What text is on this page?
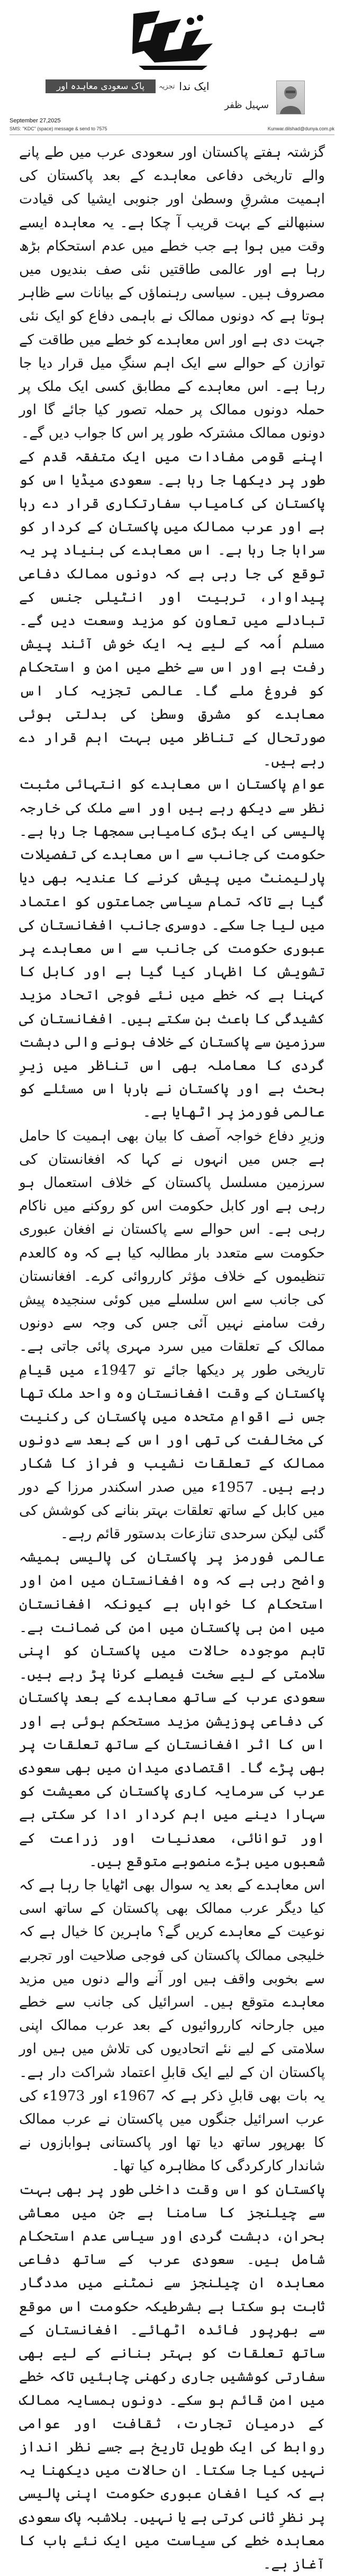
ایک ندا
تجزیہ
سہیل ظفر
پاک سعودی معاہدہ اور افغانستان
September 27,2025
SMS: "KDC" (space) message & send to 7575	Kunwar.dilshad@dunya.com.pk

گزشتہ ہفتے پاکستان اور سعودی عرب میں طے پانے والے تاریخی دفاعی معاہدے کے بعد پاکستان کی اہمیت مشرقِ وسطیٰ اور جنوبی ایشیا کی قیادت سنبھالنے کے بہت قریب آ چکا ہے۔ یہ معاہدہ ایسے وقت میں ہوا ہے جب خطے میں عدم استحکام بڑھ رہا ہے اور عالمی طاقتیں نئی صف بندیوں میں مصروف ہیں۔ سیاسی رہنماؤں کے بیانات سے ظاہر ہوتا ہے کہ دونوں ممالک نے باہمی دفاع کو ایک نئی جہت دی ہے اور اس معاہدے کو خطے میں طاقت کے توازن کے حوالے سے ایک اہم سنگِ میل قرار دیا جا رہا ہے۔ اس معاہدے کے مطابق کسی ایک ملک پر حملہ دونوں ممالک پر حملہ تصور کیا جائے گا اور دونوں ممالک مشترکہ طور پر اس کا جواب دیں گے۔

اپنے قومی مفادات میں ایک متفقہ قدم کے طور پر دیکھا جا رہا ہے۔ سعودی میڈیا اس کو پاکستان کی کامیاب سفارتکاری قرار دے رہا ہے اور عرب ممالک میں پاکستان کے کردار کو سراہا جا رہا ہے۔ اس معاہدے کی بنیاد پر یہ توقع کی جا رہی ہے کہ دونوں ممالک دفاعی پیداوار، تربیت اور انٹیلی جنس کے تبادلے میں تعاون کو مزید وسعت دیں گے۔ مسلم اُمہ کے لیے یہ ایک خوش آئند پیش رفت ہے اور اس سے خطے میں امن و استحکام کو فروغ ملے گا۔ عالمی تجزیہ کار اس معاہدے کو مشرقِ وسطیٰ کی بدلتی ہوئی صورتحال کے تناظر میں بہت اہم قرار دے رہے ہیں۔

عوامِ پاکستان اس معاہدے کو انتہائی مثبت نظر سے دیکھ رہے ہیں اور اسے ملک کی خارجہ پالیسی کی ایک بڑی کامیابی سمجھا جا رہا ہے۔ حکومت کی جانب سے اس معاہدے کی تفصیلات پارلیمنٹ میں پیش کرنے کا عندیہ بھی دیا گیا ہے تاکہ تمام سیاسی جماعتوں کو اعتماد میں لیا جا سکے۔ دوسری جانب افغانستان کی عبوری حکومت کی جانب سے اس معاہدے پر تشویش کا اظہار کیا گیا ہے اور کابل کا کہنا ہے کہ خطے میں نئے فوجی اتحاد مزید کشیدگی کا باعث بن سکتے ہیں۔ افغانستان کی سرزمین سے پاکستان کے خلاف ہونے والی دہشت گردی کا معاملہ بھی اس تناظر میں زیرِ بحث ہے اور پاکستان نے بارہا اس مسئلے کو عالمی فورمز پر اٹھایا ہے۔

وزیرِ دفاع خواجہ آصف کا بیان بھی اہمیت کا حامل ہے جس میں انہوں نے کہا کہ افغانستان کی سرزمین مسلسل پاکستان کے خلاف استعمال ہو رہی ہے اور کابل حکومت اس کو روکنے میں ناکام رہی ہے۔ اس حوالے سے پاکستان نے افغان عبوری حکومت سے متعدد بار مطالبہ کیا ہے کہ وہ کالعدم تنظیموں کے خلاف مؤثر کارروائی کرے۔ افغانستان کی جانب سے اس سلسلے میں کوئی سنجیدہ پیش رفت سامنے نہیں آئی جس کی وجہ سے دونوں ممالک کے تعلقات میں سرد مہری پائی جاتی ہے۔ تاریخی طور پر دیکھا جائے تو 1947ء میں قیامِ پاکستان کے وقت افغانستان وہ واحد ملک تھا جس نے اقوامِ متحدہ میں پاکستان کی رکنیت کی مخالفت کی تھی اور اس کے بعد سے دونوں ممالک کے تعلقات نشیب و فراز کا شکار رہے ہیں۔ 1957ء میں صدر اسکندر مرزا کے دور میں کابل کے ساتھ تعلقات بہتر بنانے کی کوشش کی گئی لیکن سرحدی تنازعات بدستور قائم رہے۔

عالمی فورمز پر پاکستان کی پالیسی ہمیشہ واضح رہی ہے کہ وہ افغانستان میں امن اور استحکام کا خواہاں ہے کیونکہ افغانستان میں امن ہی پاکستان میں امن کی ضمانت ہے۔ تاہم موجودہ حالات میں پاکستان کو اپنی سلامتی کے لیے سخت فیصلے کرنا پڑ رہے ہیں۔ سعودی عرب کے ساتھ معاہدے کے بعد پاکستان کی دفاعی پوزیشن مزید مستحکم ہوئی ہے اور اس کا اثر افغانستان کے ساتھ تعلقات پر بھی پڑے گا۔ اقتصادی میدان میں بھی سعودی عرب کی سرمایہ کاری پاکستان کی معیشت کو سہارا دینے میں اہم کردار ادا کر سکتی ہے اور توانائی، معدنیات اور زراعت کے شعبوں میں بڑے منصوبے متوقع ہیں۔

اس معاہدے کے بعد یہ سوال بھی اٹھایا جا رہا ہے کہ کیا دیگر عرب ممالک بھی پاکستان کے ساتھ اسی نوعیت کے معاہدے کریں گے؟ ماہرین کا خیال ہے کہ خلیجی ممالک پاکستان کی فوجی صلاحیت اور تجربے سے بخوبی واقف ہیں اور آنے والے دنوں میں مزید معاہدے متوقع ہیں۔ اسرائیل کی جانب سے خطے میں جارحانہ کارروائیوں کے بعد عرب ممالک اپنی سلامتی کے لیے نئے اتحادیوں کی تلاش میں ہیں اور پاکستان ان کے لیے ایک قابلِ اعتماد شراکت دار ہے۔ یہ بات بھی قابلِ ذکر ہے کہ 1967ء اور 1973ء کی عرب اسرائیل جنگوں میں پاکستان نے عرب ممالک کا بھرپور ساتھ دیا تھا اور پاکستانی ہوابازوں نے شاندار کارکردگی کا مظاہرہ کیا تھا۔

پاکستان کو اس وقت داخلی طور پر بھی بہت سے چیلنجز کا سامنا ہے جن میں معاشی بحران، دہشت گردی اور سیاسی عدم استحکام شامل ہیں۔ سعودی عرب کے ساتھ دفاعی معاہدہ ان چیلنجز سے نمٹنے میں مددگار ثابت ہو سکتا ہے بشرطیکہ حکومت اس موقع سے بھرپور فائدہ اٹھائے۔ افغانستان کے ساتھ تعلقات کو بہتر بنانے کے لیے بھی سفارتی کوششیں جاری رکھنی چاہئیں تاکہ خطے میں امن قائم ہو سکے۔ دونوں ہمسایہ ممالک کے درمیان تجارت، ثقافت اور عوامی روابط کی ایک طویل تاریخ ہے جسے نظر انداز نہیں کیا جا سکتا۔ ان حالات میں دیکھنا یہ ہے کہ کیا افغان عبوری حکومت اپنی پالیسی پر نظرِ ثانی کرتی ہے یا نہیں۔ بلاشبہ پاک سعودی معاہدہ خطے کی سیاست میں ایک نئے باب کا آغاز ہے۔
